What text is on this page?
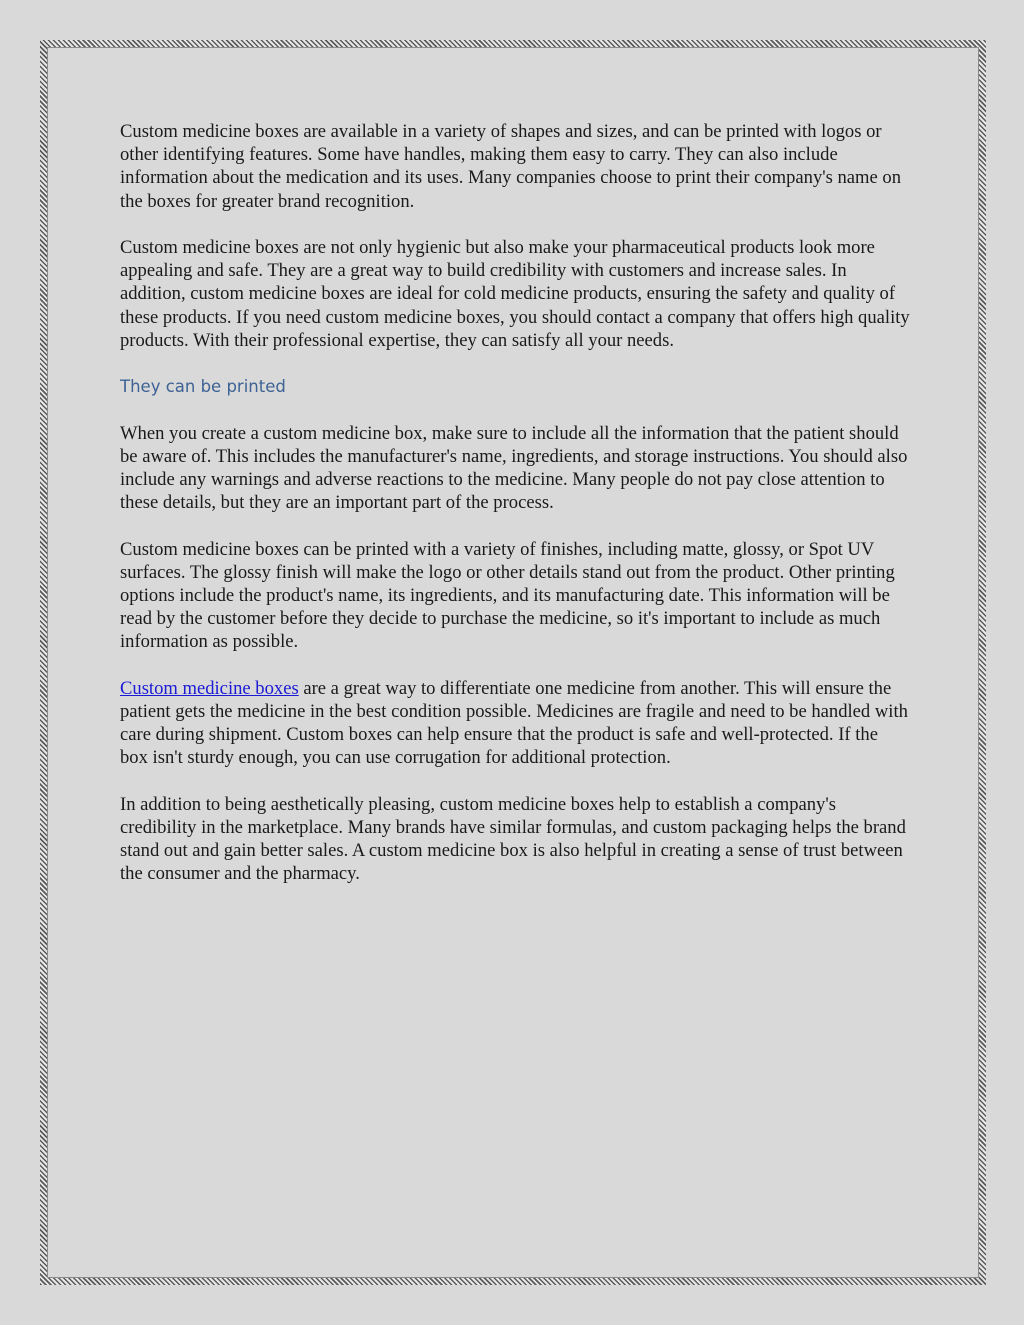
Custom medicine boxes are available in a variety of shapes and sizes, and can be printed with logos or other identifying features. Some have handles, making them easy to carry. They can also include information about the medication and its uses. Many companies choose to print their company's name on the boxes for greater brand recognition.

Custom medicine boxes are not only hygienic but also make your pharmaceutical products look more appealing and safe. They are a great way to build credibility with customers and increase sales. In addition, custom medicine boxes are ideal for cold medicine products, ensuring the safety and quality of these products. If you need custom medicine boxes, you should contact a company that offers high quality products. With their professional expertise, they can satisfy all your needs.

They can be printed

When you create a custom medicine box, make sure to include all the information that the patient should be aware of. This includes the manufacturer's name, ingredients, and storage instructions. You should also include any warnings and adverse reactions to the medicine. Many people do not pay close attention to these details, but they are an important part of the process.

Custom medicine boxes can be printed with a variety of finishes, including matte, glossy, or Spot UV surfaces. The glossy finish will make the logo or other details stand out from the product. Other printing options include the product's name, its ingredients, and its manufacturing date. This information will be read by the customer before they decide to purchase the medicine, so it's important to include as much information as possible.

Custom medicine boxes are a great way to differentiate one medicine from another. This will ensure the patient gets the medicine in the best condition possible. Medicines are fragile and need to be handled with care during shipment. Custom boxes can help ensure that the product is safe and well-protected. If the box isn't sturdy enough, you can use corrugation for additional protection.

In addition to being aesthetically pleasing, custom medicine boxes help to establish a company's credibility in the marketplace. Many brands have similar formulas, and custom packaging helps the brand stand out and gain better sales. A custom medicine box is also helpful in creating a sense of trust between the consumer and the pharmacy.
